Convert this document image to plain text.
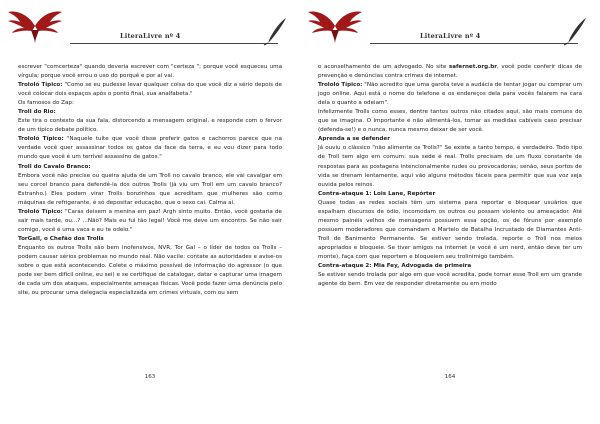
LiteraLivre nº 4

escrever "comcerteza" quando deveria escrever com "certeza "; porque você esqueceu uma vírgula; porque você errou o uso do porquê e por aí vai.

Trololó Típico: "Como se eu pudesse levar qualquer coisa do que você diz a sério depois de você colocar dois espaços após o ponto final, sua analfabeta."

Os famosos do Zap:

Troll do Rio:

Este tira o contexto da sua fala, distorcendo a mensagem original, e responde com o fervor de um típico debate político.

Trololó Típico: "Naquele tuíte que você disse preferir gatos e cachorros parece que na verdade você quer assassinar todos os gatos da face da terra, e eu vou dizer para todo mundo que você é um terrível assassino de gatos."

Troll do Cavalo Branco:

Embora você não precise ou queira ajuda de um Troll no cavalo branco, ele vai cavalgar em seu corcel branco para defendê-la dos outros Trolls (já viu um Troll em um cavalo branco? Estranho.) Eles podem virar Trolls bonzinhos que acreditam que mulheres são como máquinas de refrigerante, é só depositar educação, que o sexo cai. Calma aí.

Trololó Típico: "Caras deixem a menina em paz! Argh sinto muito. Então, você gostaria de sair mais tarde, ou...? ...Não? Mais eu fui tão legal! Você me deve um encontro. Se não sair comigo, você é uma vaca e eu te odeio."

TorGall, o Chefão dos Trolls

Enquanto os outros Trolls são bem inofensivos, NVR, Tor Gal – o líder de todos os Trolls – podem causar sérios problemas no mundo real. Não vacile: contate as autoridades e avise-os sobre o que está acontecendo. Colete o máximo possível de informação do agressor (o que pode ser bem difícil online, eu sei) e se certifique de catalogar, datar e capturar uma imagem de cada um dos ataques, especialmente ameaças físicas. Você pode fazer uma denúncia pelo site, ou procurar uma delegacia especializada em crimes virtuais, com ou sem

163
LiteraLivre nº 4

o aconselhamento de um advogado. No site safernet.org.br, você pode conferir dicas de prevenção e denúncias contra crimes de internet.

Trololó Típico: "Não acredito que uma garota teve a audácia de tentar jogar ou comprar um jogo online. Aqui está o nome do telefone e os endereços dela para vocês falarem na cara dela o quanto a odeiam".

Infelizmente Trolls como esses, dentre tantos outros não citados aqui, são mais comuns do que se imagina. O importante é não alimentá-los, tomar as medidas cabíveis caso precisar (defenda-se!) e o nunca, nunca mesmo deixar de ser você.

Aprenda a se defender

Já ouviu o clássico "não alimente os Trolls?" Se existe a tanto tempo, é verdadeiro. Todo tipo de Troll tem algo em comum: sua sede é real. Trolls precisam de um fluxo constante de respostas para as postagens intencionalmente rudes ou provocadoras; senão, seus portos de vida se drenam lentamente, aqui vão alguns métodos fáceis para permitir que sua voz seja ouvida pelos reinos.

Contra-ataque 1: Lois Lane, Repórter

Quase todas as redes sociais têm um sistema para reportar e bloquear usuários que espalham discursos de ódio, incomodam os outros ou possam violento ou ameaçador. Até mesmo painéis velhos de mensagens possuem essa opção, os de fóruns por exemplo possuem moderadores que comandam o Martelo de Batalha Incrustado de Diamantes Anti-Troll de Banimento Permanente. Se estiver sendo trolada, reporte o Troll nos meios apropriados e bloqueie. Se tiver amigos na internet (e você é um nerd, então deve ter um monte), faça com que reportem e bloqueiem seu trolinimigo também.

Contra-ataque 2: Mia Fey, Advogada de primeira

Se estiver sendo trolada por algo em que você acredita, pode tomar esse Troll em um grande agente do bem. Em vez de responder diretamente ou em modo

164
